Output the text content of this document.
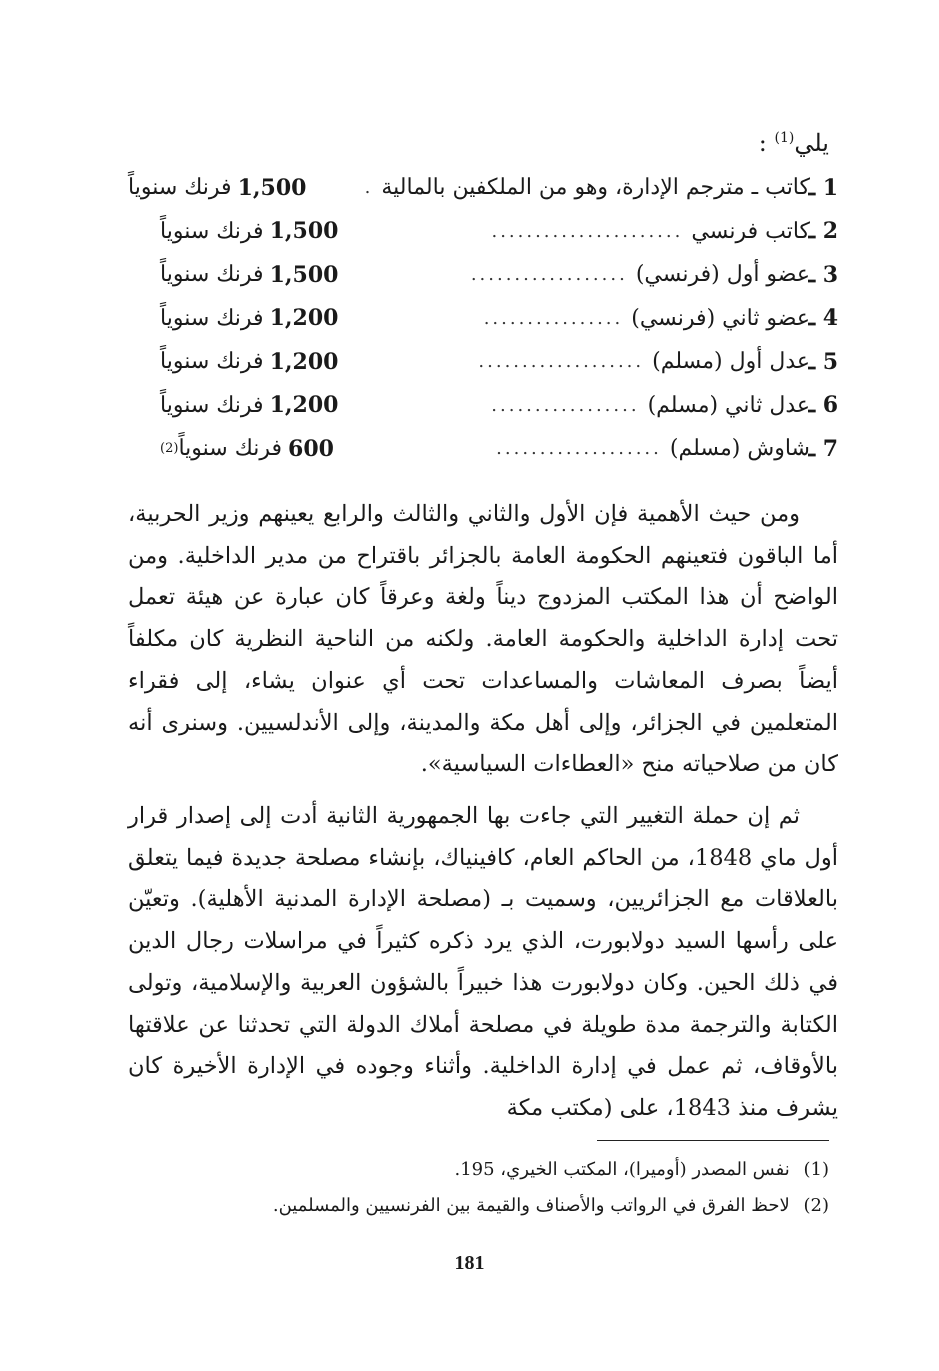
يلي$^{(1)}$ :
1 ـ
كاتب ـ مترجم الإدارة، وهو من الملكفين بالمالية
.
1,500
فرنك سنوياً
2 ـ
كاتب فرنسي
......................
1,500
فرنك سنوياً
3 ـ
عضو أول (فرنسي)
..................
1,500
فرنك سنوياً
4 ـ
عضو ثاني (فرنسي)
................
1,200
فرنك سنوياً
5 ـ
عدل أول (مسلم)
...................
1,200
فرنك سنوياً
6 ـ
عدل ثاني (مسلم)
.................
1,200
فرنك سنوياً
7 ـ
شاوش (مسلم)
...................
600
فرنك سنوياً
(2)

ومن حيث الأهمية فإن الأول والثاني والثالث والرابع يعينهم وزير الحربية، أما الباقون فتعينهم الحكومة العامة بالجزائر باقتراح من مدير الداخلية. ومن الواضح أن هذا المكتب المزدوج ديناً ولغة وعرقاً كان عبارة عن هيئة تعمل تحت إدارة الداخلية والحكومة العامة. ولكنه من الناحية النظرية كان مكلفاً أيضاً بصرف المعاشات والمساعدات تحت أي عنوان يشاء، إلى فقراء المتعلمين في الجزائر، وإلى أهل مكة والمدينة، وإلى الأندلسيين. وسنرى أنه كان من صلاحياته منح «العطاءات السياسية».

ثم إن حملة التغيير التي جاءت بها الجمهورية الثانية أدت إلى إصدار قرار أول ماي 1848، من الحاكم العام، كافينياك، بإنشاء مصلحة جديدة فيما يتعلق بالعلاقات مع الجزائريين، وسميت بـ (مصلحة الإدارة المدنية الأهلية). وتعيّن على رأسها السيد دولابورت، الذي يرد ذكره كثيراً في مراسلات رجال الدين في ذلك الحين. وكان دولابورت هذا خبيراً بالشؤون العربية والإسلامية، وتولى الكتابة والترجمة مدة طويلة في مصلحة أملاك الدولة التي تحدثنا عن علاقتها بالأوقاف، ثم عمل في إدارة الداخلية. وأثناء وجوده في الإدارة الأخيرة كان يشرف منذ 1843، على (مكتب مكة

(1) نفس المصدر (أوميرا)، المكتب الخيري، 195.
(2) لاحظ الفرق في الرواتب والأصناف والقيمة بين الفرنسيين والمسلمين.
181
